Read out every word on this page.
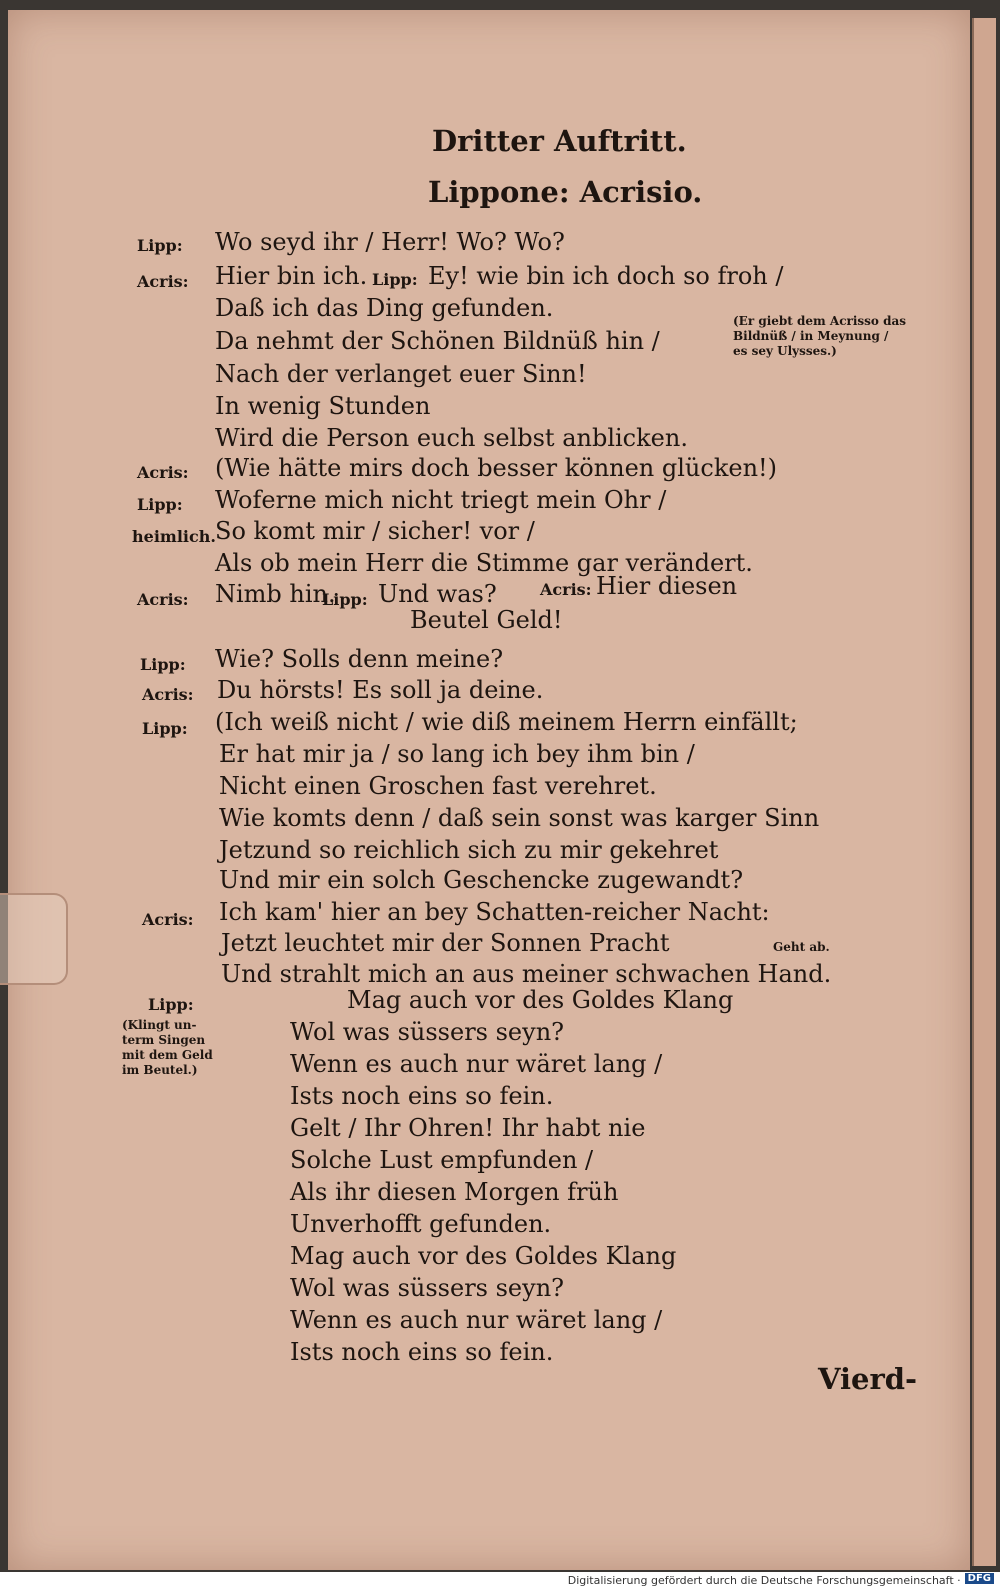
Dritter Auftritt.
Lippone: Acrisio.
Lipp: Wo seyd ihr / Herr! Wo? Wo?
Acris: Hier bin ich. Lipp: Ey! wie bin ich doch so froh /
Daß ich das Ding gefunden.
Da nehmt der Schönen Bildnüß hin /
Nach der verlanget euer Sinn!
In wenig Stunden
Wird die Person euch selbst anblicken.
Acris: (Wie hätte mirs doch besser können glücken!)
Lipp: Woferne mich nicht triegt mein Ohr /
heimlich. So komt mir / sicher! vor /
Als ob mein Herr die Stimme gar verändert.
Acris: Nimb hin.
Lipp: Und was?	Acris: Hier diesen
Beutel Geld!
Lipp: Wie? Solls denn meine?
Acris: Du hörsts! Es soll ja deine.
Lipp: (Ich weiß nicht / wie diß meinem Herrn einfällt;
Er hat mir ja / so lang ich bey ihm bin /
Nicht einen Groschen fast verehret.
Wie komts denn / daß sein sonst was karger Sinn
Jetzund so reichlich sich zu mir gekehret
Und mir ein solch Geschencke zugewandt?
Acris: Ich kam' hier an bey Schatten-reicher Nacht:
Jetzt leuchtet mir der Sonnen Pracht
Und strahlt mich an aus meiner schwachen Hand.
Lipp:	Mag auch vor des Goldes Klang
Wol was süssers seyn?
Wenn es auch nur wäret lang /
Ists noch eins so fein.
Gelt / Ihr Ohren! Ihr habt nie
Solche Lust empfunden /
Als ihr diesen Morgen früh
Unverhofft gefunden.
Mag auch vor des Goldes Klang
Wol was süssers seyn?
Wenn es auch nur wäret lang /
Ists noch eins so fein.
(Er giebt dem Acrisso das
Bildnüß / in Meynung /
es sey Ulysses.)
Geht ab.
(Klingt un-
term Singen
mit dem Geld
im Beutel.)
Vierd-
Digitalisierung gefördert durch die Deutsche Forschungsgemeinschaft · DFG
